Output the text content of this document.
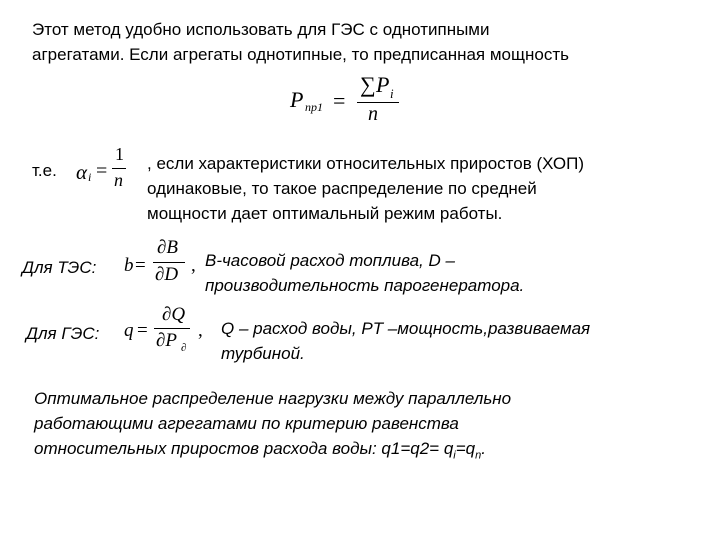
Этот метод удобно использовать для ГЭС с однотипными
агрегатами. Если агрегаты однотипные, то предписанная мощность
P пр1 =
∑ P i
n
т.е. α i =
1
n
, если характеристики относительных приростов (ХОП)
одинаковые, то такое распределение по средней
мощности дает оптимальный режим работы.
Для ТЭС: b =
∂B
∂D , В-часовой расход топлива, D –
производительность парогенератора.
Для ГЭС: q =
∂Q
∂P ∂
, Q – расход воды, PT –мощность,развиваемая
турбиной.
Оптимальное распределение нагрузки между параллельно
работающими агрегатами по критерию равенства
относительных приростов расхода воды: $q1=q2= q_i=q_n$.
